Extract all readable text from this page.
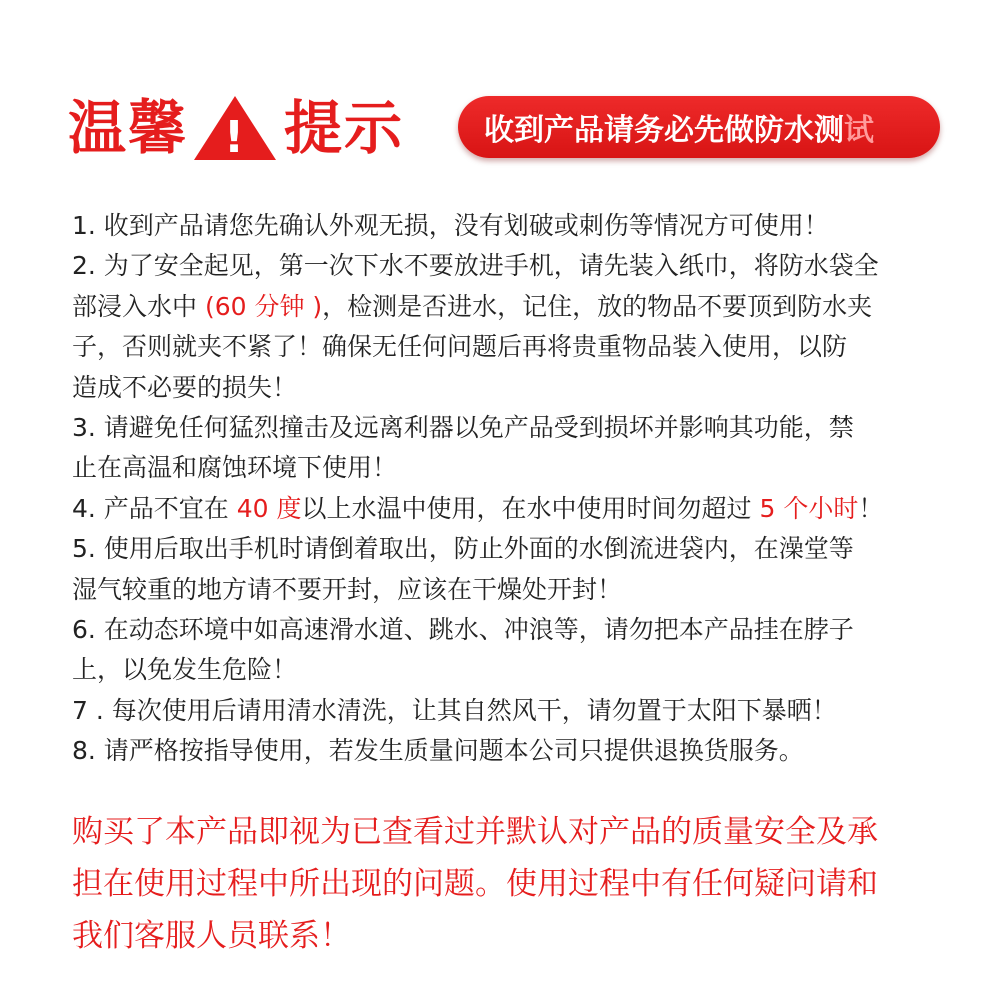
温馨 ! 提示	收到产品请务必先做防水测 试
1. 收到产品请您先确认外观无损，没有划破或刺伤等情况方可使用！
2. 为了安全起见，第一次下水不要放进手机，请先装入纸巾，将防水袋全
部浸入水中 (60 分钟 )，检测是否进水，记住，放的物品不要顶到防水夹
子，否则就夹不紧了！确保无任何问题后再将贵重物品装入使用，以防
造成不必要的损失！
3. 请避免任何猛烈撞击及远离利器以免产品受到损坏并影响其功能，禁
止在高温和腐蚀环境下使用！
4. 产品不宜在 40 度以上水温中使用，在水中使用时间勿超过 5 个小时！
5. 使用后取出手机时请倒着取出，防止外面的水倒流进袋内，在澡堂等
湿气较重的地方请不要开封，应该在干燥处开封！
6. 在动态环境中如高速滑水道、跳水、冲浪等，请勿把本产品挂在脖子
上，以免发生危险！
7 . 每次使用后请用清水清洗，让其自然风干，请勿置于太阳下暴晒！
8. 请严格按指导使用，若发生质量问题本公司只提供退换货服务。
购买了本产品即视为已查看过并默认对产品的质量安全及承
担在使用过程中所出现的问题。使用过程中有任何疑问请和
我们客服人员联系！
